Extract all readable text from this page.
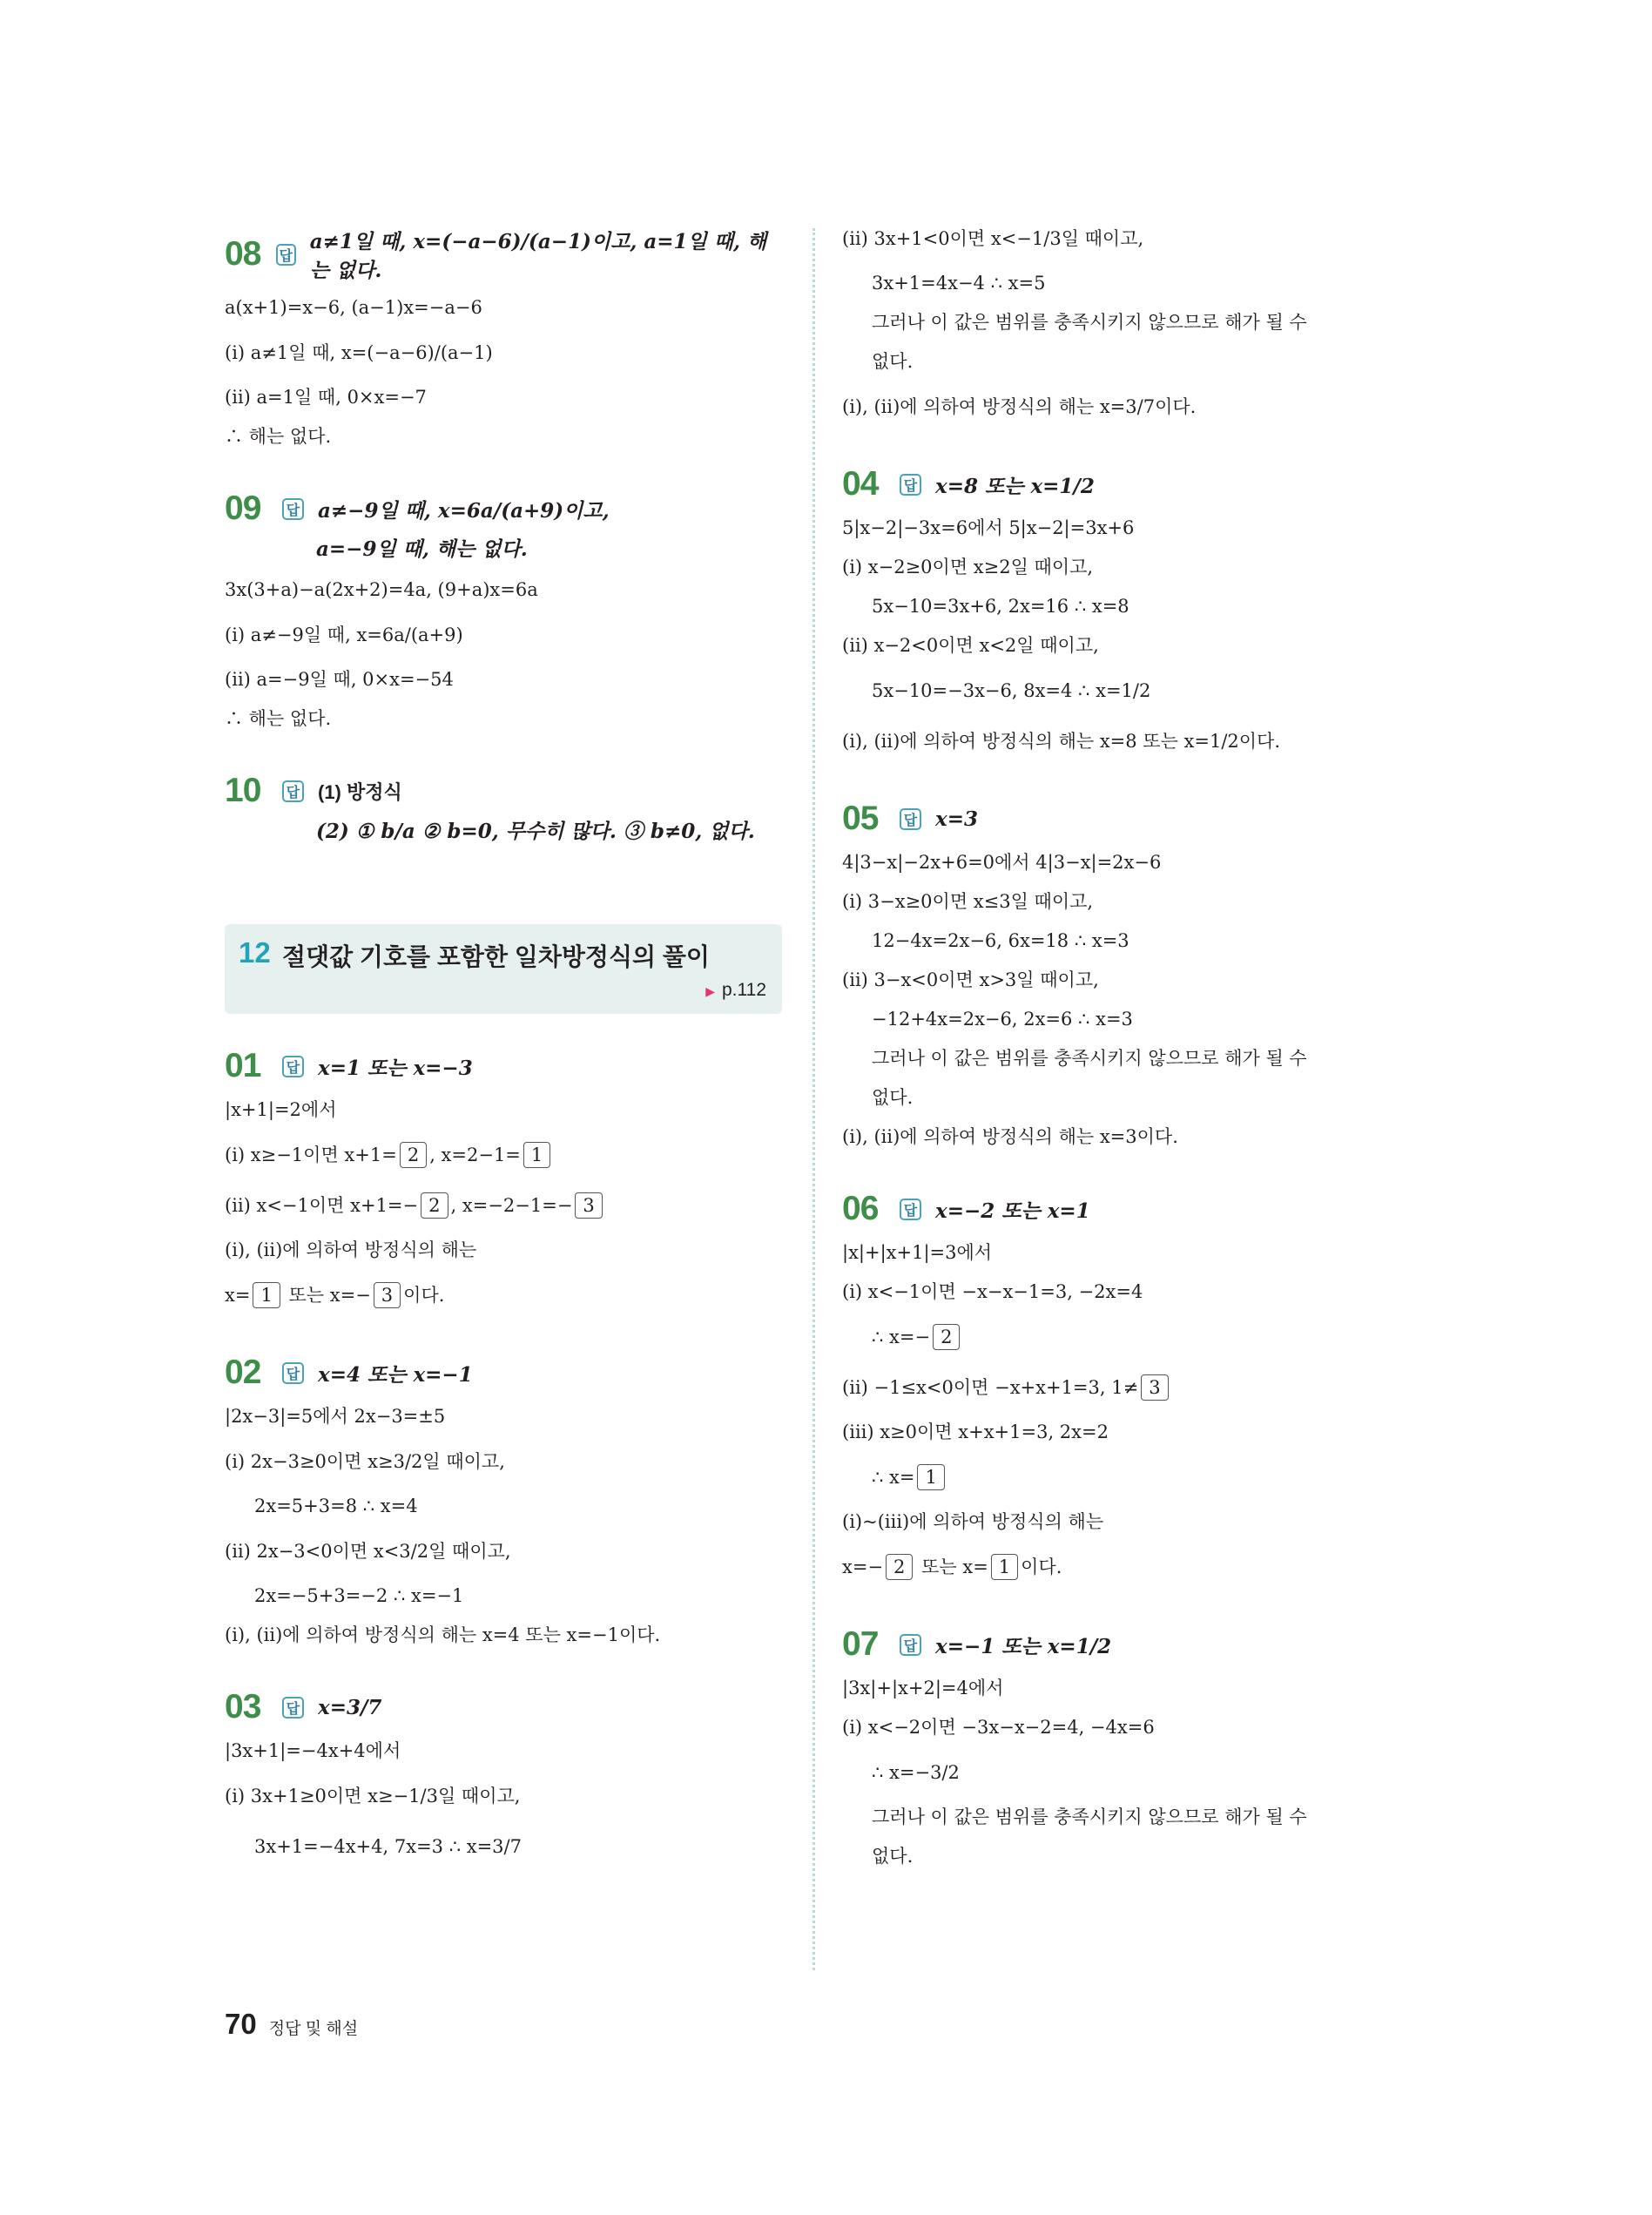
08	답
a≠1일 때, x=(−a−6)/(a−1)이고, a=1일 때, 해는 없다.
a(x+1)=x−6, (a−1)x=−a−6
(ⅰ) a≠1일 때, x=(−a−6)/(a−1)
(ⅱ) a=1일 때, 0×x=−7
∴ 해는 없다.
09	답 a≠−9일 때, x=6a/(a+9)이고,
a=−9일 때, 해는 없다.
3x(3+a)−a(2x+2)=4a, (9+a)x=6a
(ⅰ) a≠−9일 때, x=6a/(a+9)
(ⅱ) a=−9일 때, 0×x=−54
∴ 해는 없다.
10	답 (1) 방정식
(2) ① b/a ② b=0, 무수히 많다. ③ b≠0, 없다.
12 절댓값 기호를 포함한 일차방정식의 풀이
▶ p.112
01	답 x=1 또는 x=−3
|x+1|=2에서
(ⅰ) x≥−1이면 x+1= 2 , x=2−1= 1
(ⅱ) x<−1이면 x+1=− 2 , x=−2−1=− 3
(ⅰ), (ⅱ)에 의하여 방정식의 해는
x= 1 또는 x=− 3 이다.
02	답 x=4 또는 x=−1
|2x−3|=5에서 2x−3=±5
(ⅰ) 2x−3≥0이면 x≥3/2일 때이고,
2x=5+3=8 ∴ x=4
(ⅱ) 2x−3<0이면 x<3/2일 때이고,
2x=−5+3=−2 ∴ x=−1
(ⅰ), (ⅱ)에 의하여 방정식의 해는 x=4 또는 x=−1이다.
03	답 x=3/7
|3x+1|=−4x+4에서
(ⅰ) 3x+1≥0이면 x≥−1/3일 때이고,
3x+1=−4x+4, 7x=3 ∴ x=3/7
(ⅱ) 3x+1<0이면 x<−1/3일 때이고,
3x+1=4x−4 ∴ x=5
그러나 이 값은 범위를 충족시키지 않으므로 해가 될 수
없다.
(ⅰ), (ⅱ)에 의하여 방정식의 해는 x=3/7이다.
04	답 x=8 또는 x=1/2
5|x−2|−3x=6에서 5|x−2|=3x+6
(ⅰ) x−2≥0이면 x≥2일 때이고,
5x−10=3x+6, 2x=16 ∴ x=8
(ⅱ) x−2<0이면 x<2일 때이고,
5x−10=−3x−6, 8x=4 ∴ x=1/2
(ⅰ), (ⅱ)에 의하여 방정식의 해는 x=8 또는 x=1/2이다.
05	답 x=3
4|3−x|−2x+6=0에서 4|3−x|=2x−6
(ⅰ) 3−x≥0이면 x≤3일 때이고,
12−4x=2x−6, 6x=18 ∴ x=3
(ⅱ) 3−x<0이면 x>3일 때이고,
−12+4x=2x−6, 2x=6 ∴ x=3
그러나 이 값은 범위를 충족시키지 않으므로 해가 될 수
없다.
(ⅰ), (ⅱ)에 의하여 방정식의 해는 x=3이다.
06	답 x=−2 또는 x=1
|x|+|x+1|=3에서
(ⅰ) x<−1이면 −x−x−1=3, −2x=4
∴ x=− 2
(ⅱ) −1≤x<0이면 −x+x+1=3, 1≠ 3
(ⅲ) x≥0이면 x+x+1=3, 2x=2
∴ x= 1
(ⅰ)~(ⅲ)에 의하여 방정식의 해는
x=− 2 또는 x= 1 이다.
07	답 x=−1 또는 x=1/2
|3x|+|x+2|=4에서
(ⅰ) x<−2이면 −3x−x−2=4, −4x=6
∴ x=−3/2
그러나 이 값은 범위를 충족시키지 않으므로 해가 될 수
없다.
70 정답 및 해설
